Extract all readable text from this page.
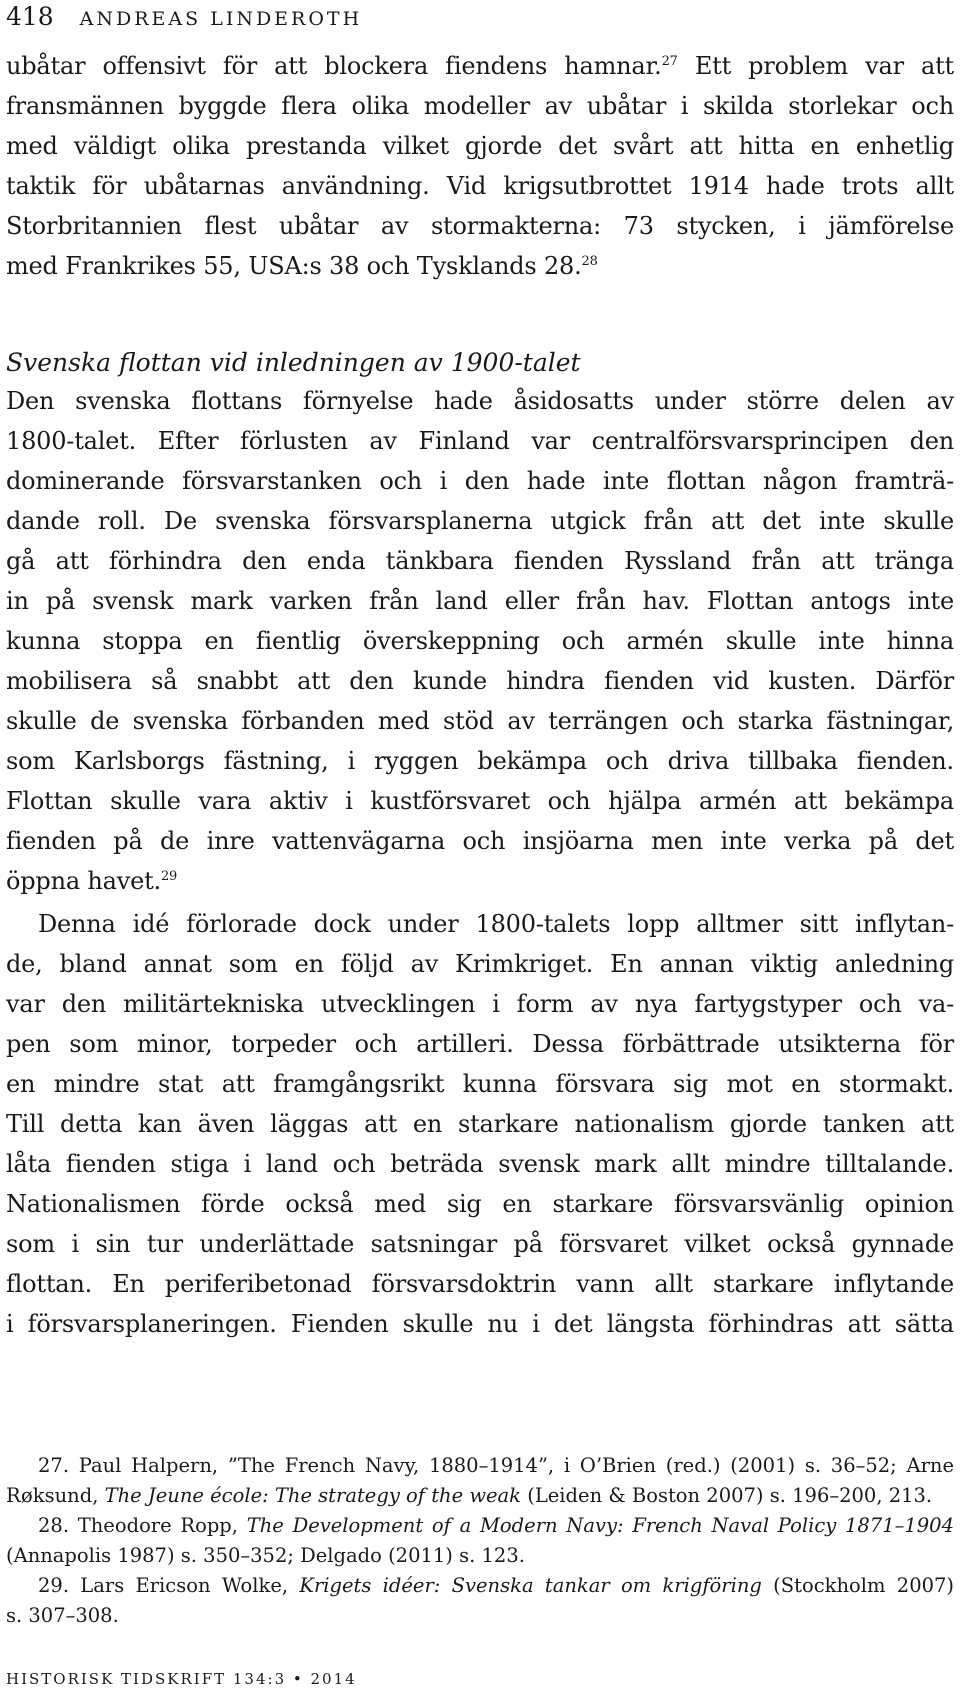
418 ANDREAS LINDEROTH
ubåtar offensivt för att blockera fiendens hamnar.$^{27}$ Ett problem var att
fransmännen byggde flera olika modeller av ubåtar i skilda storlekar och
med väldigt olika prestanda vilket gjorde det svårt att hitta en enhetlig
taktik för ubåtarnas användning. Vid krigsutbrottet 1914 hade trots allt
Storbritannien flest ubåtar av stormakterna: 73 stycken, i jämförelse
med Frankrikes 55, USA:s 38 och Tysklands 28.28
Svenska flottan vid inledningen av 1900-talet
Den svenska flottans förnyelse hade åsidosatts under större delen av
1800-talet. Efter förlusten av Finland var centralförsvarsprincipen den
dominerande försvarstanken och i den hade inte flottan någon framträ-
dande roll. De svenska försvarsplanerna utgick från att det inte skulle
gå att förhindra den enda tänkbara fienden Ryssland från att tränga
in på svensk mark varken från land eller från hav. Flottan antogs inte
kunna stoppa en fientlig överskeppning och armén skulle inte hinna
mobilisera så snabbt att den kunde hindra fienden vid kusten. Därför
skulle de svenska förbanden med stöd av terrängen och starka fästningar,
som Karlsborgs fästning, i ryggen bekämpa och driva tillbaka fienden.
Flottan skulle vara aktiv i kustförsvaret och hjälpa armén att bekämpa
fienden på de inre vattenvägarna och insjöarna men inte verka på det
öppna havet.$^{29}$
Denna idé förlorade dock under 1800-talets lopp alltmer sitt inflytan-
de, bland annat som en följd av Krimkriget. En annan viktig anledning
var den militärtekniska utvecklingen i form av nya fartygstyper och va-
pen som minor, torpeder och artilleri. Dessa förbättrade utsikterna för
en mindre stat att framgångsrikt kunna försvara sig mot en stormakt.
Till detta kan även läggas att en starkare nationalism gjorde tanken att
låta fienden stiga i land och beträda svensk mark allt mindre tilltalande.
Nationalismen förde också med sig en starkare försvarsvänlig opinion
som i sin tur underlättade satsningar på försvaret vilket också gynnade
flottan. En periferibetonad försvarsdoktrin vann allt starkare inflytande
i försvarsplaneringen. Fienden skulle nu i det längsta förhindras att sätta
27. Paul Halpern, ”The French Navy, 1880–1914”, i O’Brien (red.) (2001) s. 36–52; Arne
Røksund, The Jeune école: The strategy of the weak (Leiden & Boston 2007) s. 196–200, 213.
28. Theodore Ropp, The Development of a Modern Navy: French Naval Policy 1871–1904
(Annapolis 1987) s. 350–352; Delgado (2011) s. 123.
29. Lars Ericson Wolke, Krigets idéer: Svenska tankar om krigföring (Stockholm 2007)
s. 307–308.
HISTORISK TIDSKRIFT 134:3 • 2014
